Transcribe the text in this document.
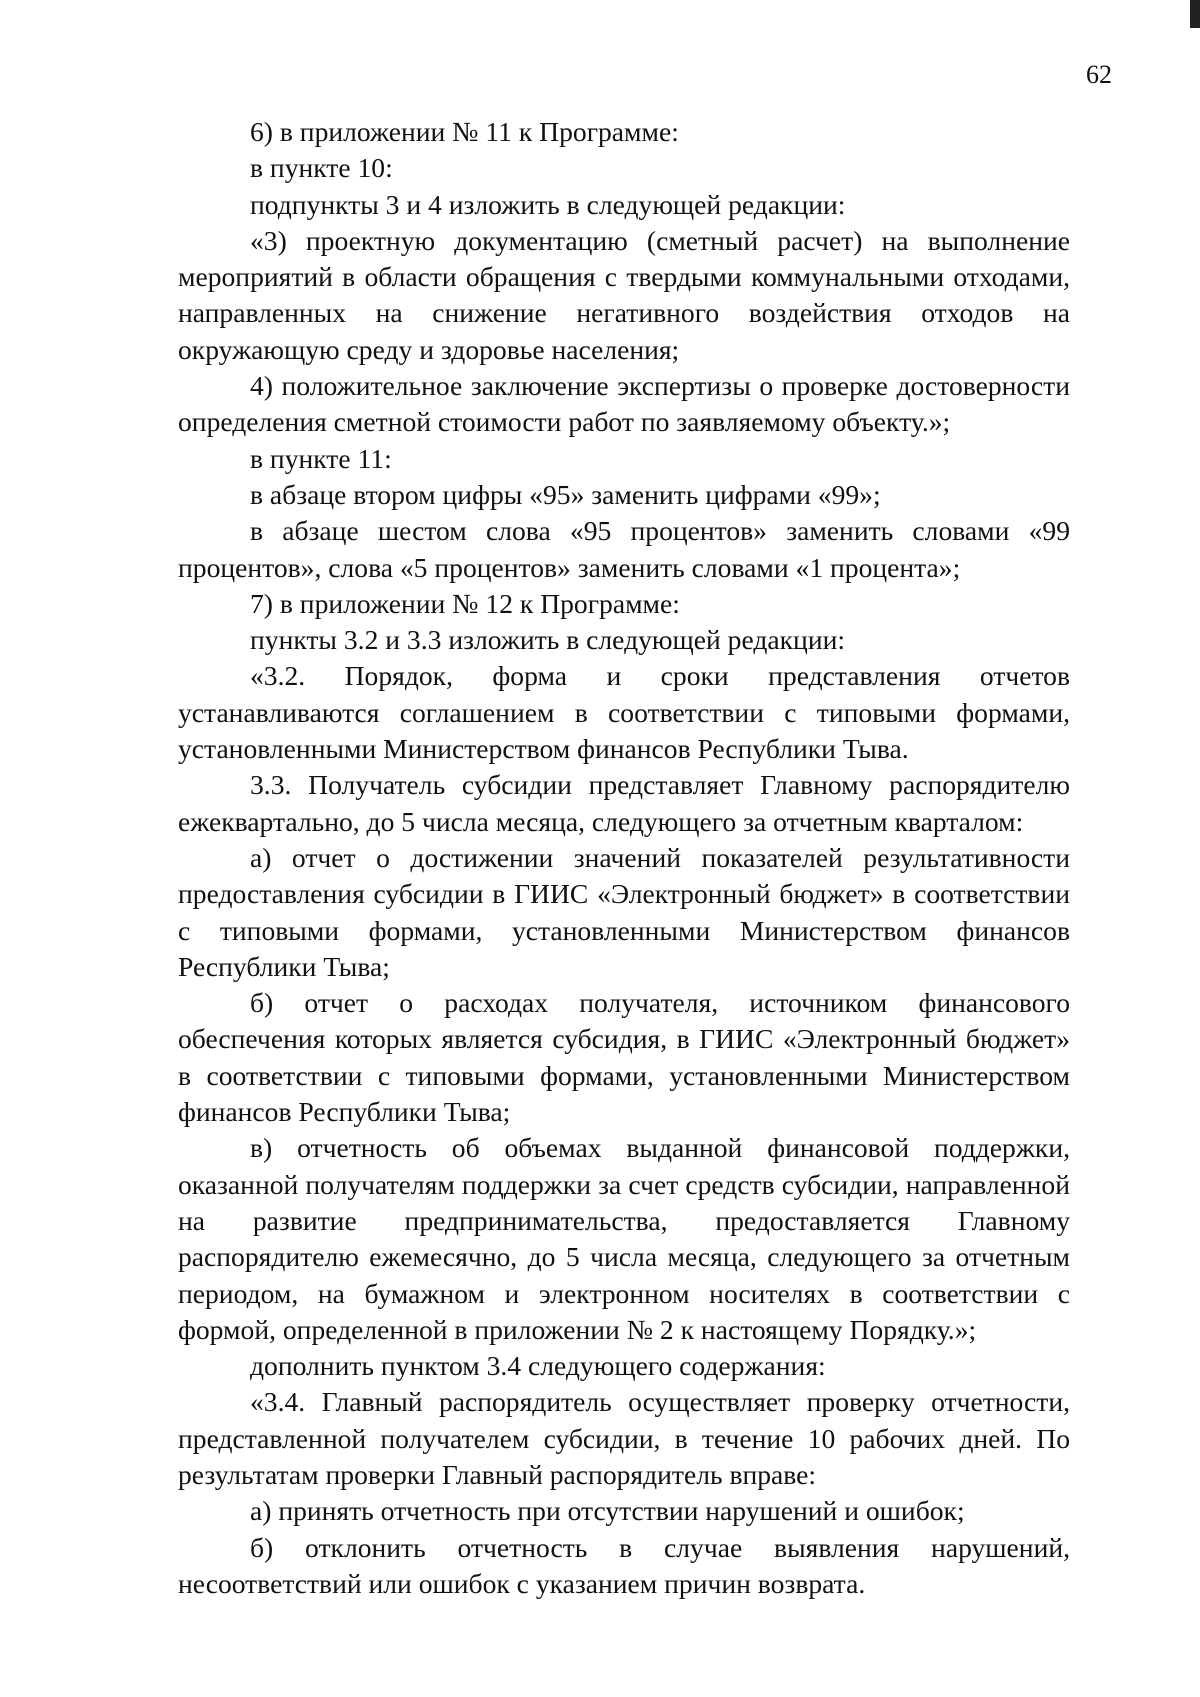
62

6) в приложении № 11 к Программе:

в пункте 10:

подпункты 3 и 4 изложить в следующей редакции:

«3) проектную документацию (сметный расчет) на выполнение мероприятий в области обращения с твердыми коммунальными отходами, направленных на снижение негативного воздействия отходов на окружающую среду и здоровье населения;

4) положительное заключение экспертизы о проверке достоверности определения сметной стоимости работ по заявляемому объекту.»;

в пункте 11:

в абзаце втором цифры «95» заменить цифрами «99»;

в абзаце шестом слова «95 процентов» заменить словами «99 процентов», слова «5 процентов» заменить словами «1 процента»;

7) в приложении № 12 к Программе:

пункты 3.2 и 3.3 изложить в следующей редакции:

«3.2. Порядок, форма и сроки представления отчетов устанавливаются соглашением в соответствии с типовыми формами, установленными Министерством финансов Республики Тыва.

3.3. Получатель субсидии представляет Главному распорядителю ежеквартально, до 5 числа месяца, следующего за отчетным кварталом:

а) отчет о достижении значений показателей результативности предоставления субсидии в ГИИС «Электронный бюджет» в соответствии с типовыми формами, установленными Министерством финансов Республики Тыва;

б) отчет о расходах получателя, источником финансового обеспечения которых является субсидия, в ГИИС «Электронный бюджет» в соответствии с типовыми формами, установленными Министерством финансов Республики Тыва;

в) отчетность об объемах выданной финансовой поддержки, оказанной получателям поддержки за счет средств субсидии, направленной на развитие предпринимательства, предоставляется Главному распорядителю ежемесячно, до 5 числа месяца, следующего за отчетным периодом, на бумажном и электронном носителях в соответствии с формой, определенной в приложении № 2 к настоящему Порядку.»;

дополнить пунктом 3.4 следующего содержания:

«3.4. Главный распорядитель осуществляет проверку отчетности, представленной получателем субсидии, в течение 10 рабочих дней. По результатам проверки Главный распорядитель вправе:

а) принять отчетность при отсутствии нарушений и ошибок;

б) отклонить отчетность в случае выявления нарушений, несоответствий или ошибок с указанием причин возврата.
